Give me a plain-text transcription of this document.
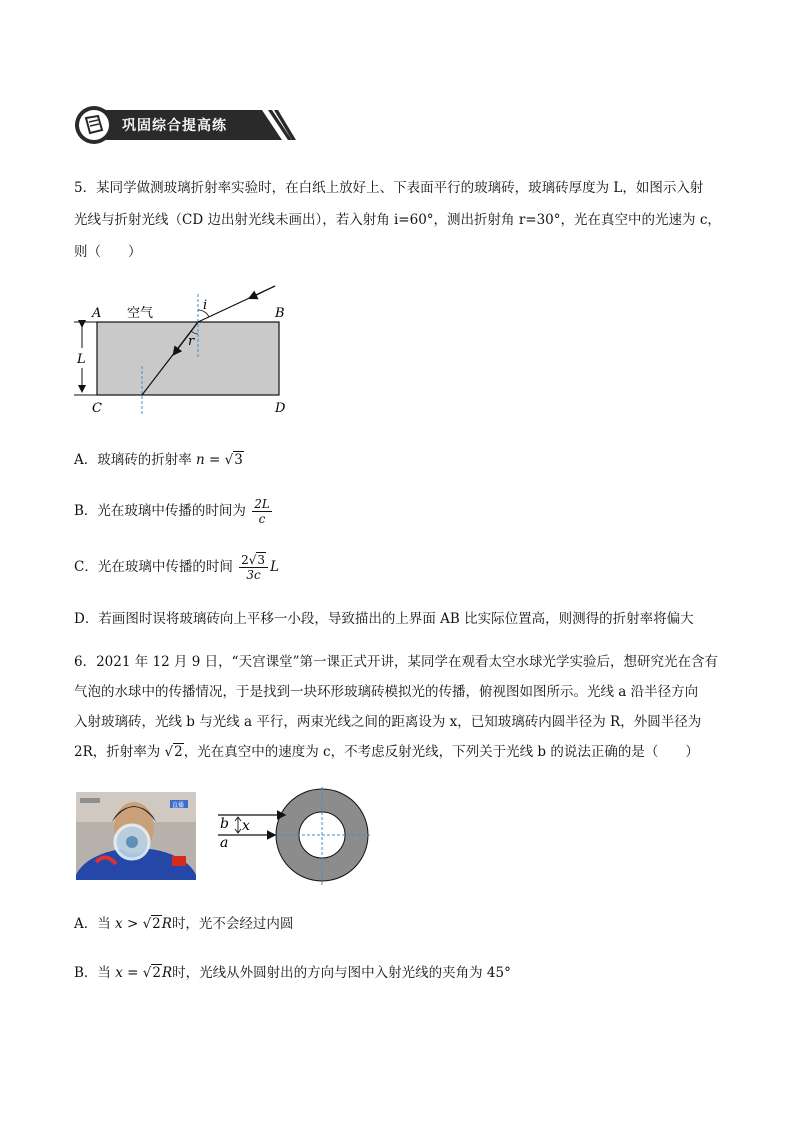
巩固综合提高练
5．某同学做测玻璃折射率实验时，在白纸上放好上、下表面平行的玻璃砖，玻璃砖厚度为 L，如图示入射
光线与折射光线（CD 边出射光线未画出），若入射角 i=60°，测出折射角 r=30°，光在真空中的光速为 c，
则（　　）
L
i
r
空气
A	B
C	D
A．玻璃砖的折射率 n = √3
B．光在玻璃中传播的时间为 $\frac{2L}{c}$
C．光在玻璃中传播的时间 $\frac{2√3}{3c}$ L
D．若画图时误将玻璃砖向上平移一小段，导致描出的上界面 AB 比实际位置高，则测得的折射率将偏大
6．2021 年 12 月 9 日，“天宫课堂”第一课正式开讲，某同学在观看太空水球光学实验后，想研究光在含有
气泡的水球中的传播情况，于是找到一块环形玻璃砖模拟光的传播，俯视图如图所示。光线 a 沿半径方向
入射玻璃砖，光线 b 与光线 a 平行，两束光线之间的距离设为 x，已知玻璃砖内圆半径为 R，外圆半径为
2R，折射率为 √2，光在真空中的速度为 c，不考虑反射光线，下列关于光线 b 的说法正确的是（　　）
直播
b x
a
A．当 x > √2R时，光不会经过内圆
B．当 x = √2R时，光线从外圆射出的方向与图中入射光线的夹角为 45°
